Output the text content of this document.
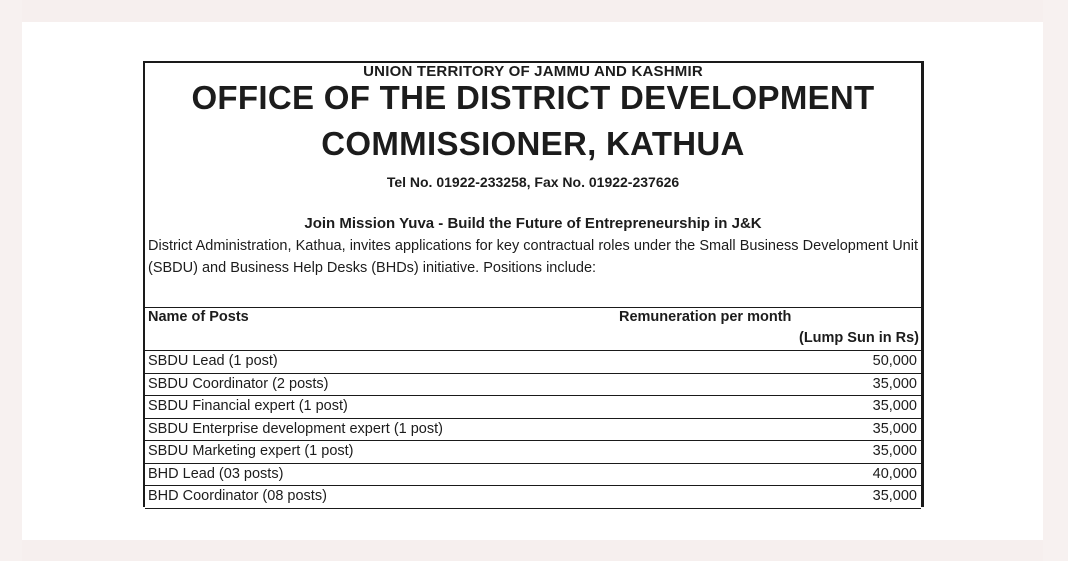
UNION TERRITORY OF JAMMU AND KASHMIR
OFFICE OF THE DISTRICT DEVELOPMENT
COMMISSIONER, KATHUA
Tel No. 01922-233258, Fax No. 01922-237626
Join Mission Yuva - Build the Future of Entrepreneurship in J&K
District Administration, Kathua, invites applications for key contractual roles under the Small Business Development Unit (SBDU) and Business Help Desks (BHDs) initiative. Positions include:
Name of Posts	Remuneration per month
(Lump Sun in Rs)
SBDU Lead (1 post)	50,000
SBDU Coordinator (2 posts)	35,000
SBDU Financial expert (1 post)	35,000
SBDU Enterprise development expert (1 post)	35,000
SBDU Marketing expert (1 post)	35,000
BHD Lead (03 posts)	40,000
BHD Coordinator (08 posts)	35,000
